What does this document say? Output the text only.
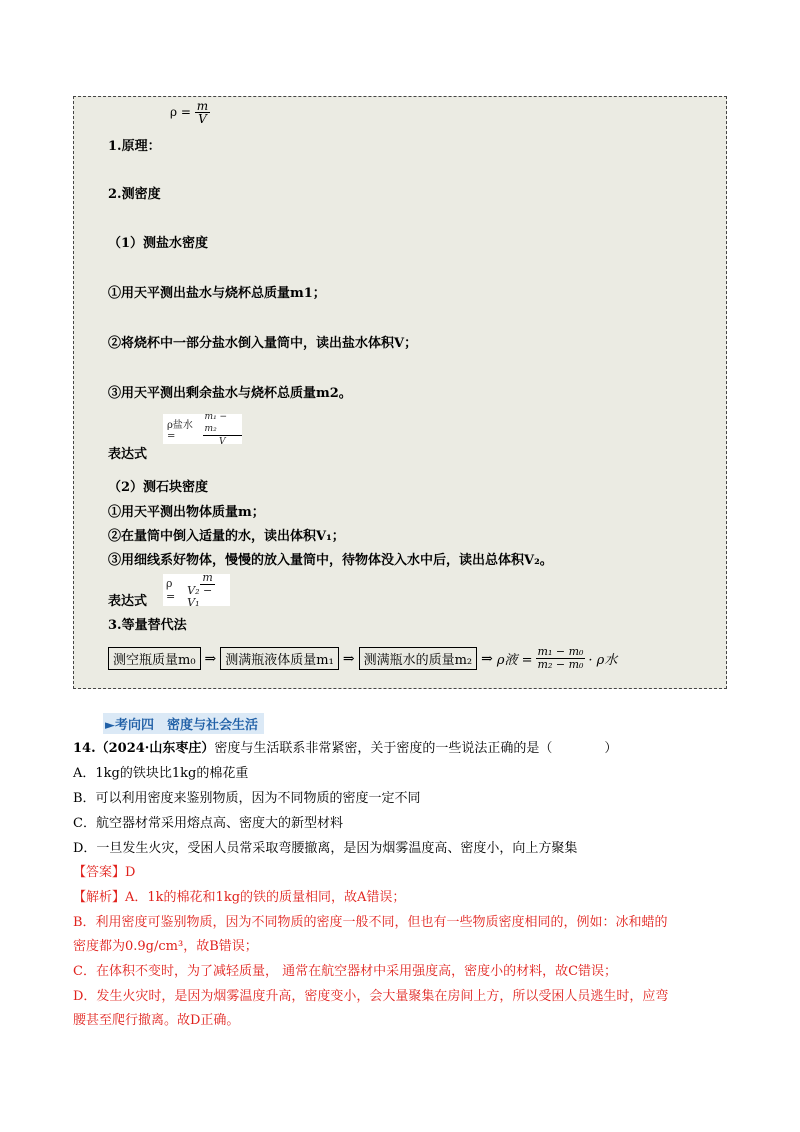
$\rho = \frac{m}{V}$
1.原理：
2.测密度
（1）测盐水密度
①用天平测出盐水与烧杯总质量m1；
②将烧杯中一部分盐水倒入量筒中，读出盐水体积V；
③用天平测出剩余盐水与烧杯总质量m2。
ρ盐水 =	$\frac{\text{m₁ − m₂}}{V}$
表达式
（2）测石块密度
①用天平测出物体质量m；
②在量筒中倒入适量的水，读出体积V₁；
③用细线系好物体，慢慢的放入量筒中，待物体没入水中后，读出总体积V₂。
$\rho = \frac{m}{\text{V₂ − V₁}}$
表达式
3.等量替代法
测空瓶质量m₀ ⇒ 测满瓶液体质量m₁ ⇒ 测满瓶水的质量m₂ ⇒ ρ液 = $\frac{\text{m₁ − m₀}}{\text{m₂ − m₀}} \cdot \rho$水
►考向四　密度与社会生活
14.（2024·山东枣庄）密度与生活联系非常紧密，关于密度的一些说法正确的是（　　　　）
A．1kg的铁块比1kg的棉花重
B．可以利用密度来鉴别物质，因为不同物质的密度一定不同
C．航空器材常采用熔点高、密度大的新型材料
D．一旦发生火灾，受困人员常采取弯腰撤离，是因为烟雾温度高、密度小，向上方聚集
【答案】D
【解析】A．1k的棉花和1kg的铁的质量相同，故A错误；
B．利用密度可鉴别物质，因为不同物质的密度一般不同，但也有一些物质密度相同的，例如：冰和蜡的
密度都为0.9g/cm³，故B错误；
C．在体积不变时，为了减轻质量， 通常在航空器材中采用强度高，密度小的材料，故C错误；
D．发生火灾时，是因为烟雾温度升高，密度变小，会大量聚集在房间上方，所以受困人员逃生时，应弯
腰甚至爬行撤离。故D正确。
